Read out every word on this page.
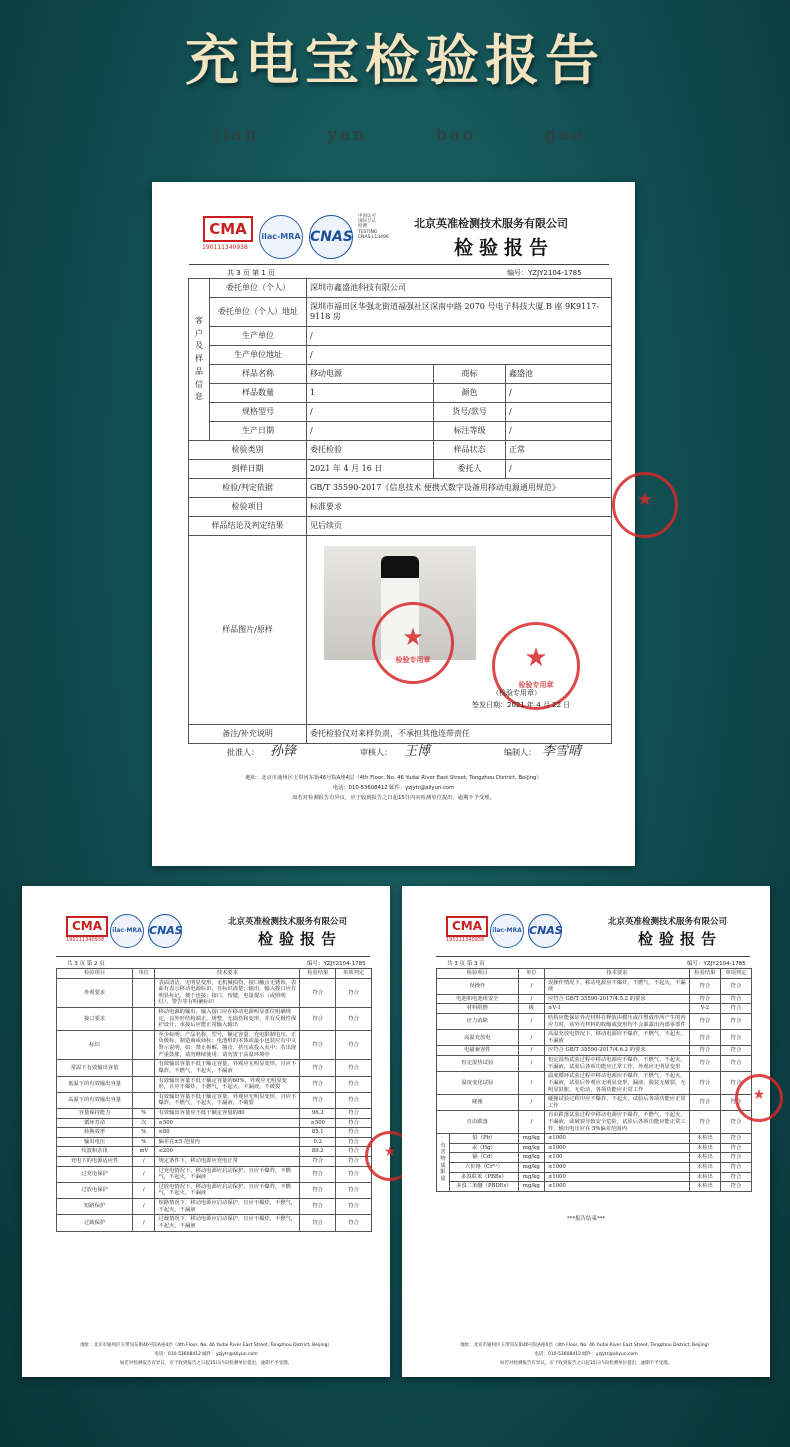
充电宝检验报告
jian	yan	bao	gao
CMA
190111340938
ilac-MRA CNAS
中国认可
国际互认
检测
TESTING
CNAS L13496
北京英准检测技术服务有限公司
检验报告
共 3 页 第 1 页	编号：YZJY2104-1785
客户及样品信息	委托单位（个人）	深圳市鑫盛池科技有限公司		
	委托单位（个人）地址	深圳市福田区华强北街道福强社区深南中路 2070 号电子科技大厦 B 座 9K9117-9118 房		
	生产单位	/		
	生产单位地址	/		
	样品名称	移动电源	商标	鑫盛池
	样品数量	1	颜色	/
	规格型号	/	货号/款号	/
	生产日期	/	标注等级	/
检验类别		委托检验	样品状态	正常
到样日期		2021 年 4 月 16 日	委托人	/
检验/判定依据		GB/T 35590-2017《信息技术 便携式数字设备用移动电源通用规范》		
检验项目		标准要求		
样品结论及判定结果		见后续页		
样品图片/原样				
备注/补充说明		委托检验仅对来样负责，不承担其他连带责任		
★
检验专用章	★
检验专用章
★
（检验专用章）
签发日期：2021 年 4 月 22 日
批准人： 孙锋	审核人： 王博	编制人： 李雪晴
地址：北京市通州区玉带河东街46号院A座4层（4th Floor, No. 46 Yudai River East Street, Tongzhou District, Beijing）
电话：010-53608412 邮件：yzjytr@aliyun.com
如若对检测报告有异议，应于收到报告之日起15日内向检测单位提出，逾期不予受理。
CMA
190111340938
ilac-MRA CNAS
北京英准检测技术服务有限公司
检验报告
共 3 页 第 2 页	编号：YZJY2104-1785
检验项目	单位	技术要求	检验结果	单项判定
外观要求		表面清洁，无明显变形，无机械损伤，接口触点无锈蚀，表面有表示移动电源标识，且标识清楚；输出，输入接口应有明显标记，便于连接；接口，按键，电量提示（或照明灯），警告等有明确标识	符合	符合
接口要求		移动电源的输出，输入接口应在移动电源明显部位明确规定，良外形结构端正，规整，无损伤和变形，并有反极性保护设计，承接后应能正常输入输出	符合	符合
标识		至少标明：产品名称，型号，额定容量，充电限制电压，正负极标，制造商或商标；电池组的本体或最小包装应有中文警示说明，如：禁止拆解，撞击，挤压或投入火中；若出现严重鼓胀，请勿继续使用；请勿置于高温环境中	符合	符合
常温下有效输出容量		有效输出容量不低于额定容量，外观应无明显变形，且应不爆炸，不燃气，不起火，不漏液	符合	符合
低温下的有效输出容量		有效输出容量不低于额定容量的60%，外观应无明显变形，且应不爆炸，不燃气，不起火，不漏液，不破裂	符合	符合
高温下的有效输出容量		有效输出容量不低于额定容量，外观应无明显变形，且应不爆炸，不燃气，不起火，不漏液，不破裂	符合	符合
容量保持能力	%	有效输出容量应不低于额定容量的80	96.3	符合
循环寿命	次	≥500	≥500	符合
转换效率	%	≥80	85.1	符合
输出电压	%	偏差在±5 范围内	0.2	符合
纹波和杂讯	mV	≤200	89.2	符合
充电下的电源适应性	/	规定条件下，移动电源应充电正常	符合	符合
过充电保护	/	过充电情况下，移动电源应启动保护，且应不爆炸，不燃气，不起火，不漏液	符合	符合
过放电保护	/	过放电情况下，移动电源应启动保护，且应不爆炸，不燃气，不起火，不漏液	符合	符合
短路保护	/	短路情况下，移动电源应启动保护，且应不爆炸，不燃气，不起火，不漏液	符合	符合
过载保护	/	过载情况下，移动电源应启动保护，且应不爆炸，不燃气，不起火，不漏液	符合	符合
★
地址：北京市通州区玉带河东街46号院A座4层（4th Floor, No. 46 Yudai River East Street, Tongzhou District, Beijing）
电话：010-53608412 邮件：yzjytr@aliyun.com
如若对检测报告有异议，应于收到报告之日起15日内向检测单位提出，逾期不予受理。
CMA
190111340938
ilac-MRA CNAS
北京英准检测技术服务有限公司
检验报告
共 3 页 第 3 页	编号：YZJY2104-1785
检验项目		单位	技术要求	检验结果	单项判定
误操作		/	误操作情况下，移动电源应不爆炸，不燃气，不起火，不漏液	符合	符合
电池和电池组安全		/	应符合 GB/T 35590-2017/4.5.2 的要求	符合	符合
材料阻燃		级	≥V-1	V-2	符合
应力消除		/	结构应能保证外壳材料在释放由模压或注塑成形所产生的内应力时，该外壳材料的收缩或变形均不会暴露出内部零部件	符合	符合
高温充放电		/	高温充放电情况下，移动电源应不爆炸，不燃气，不起火，不漏液	符合	符合
电磁兼容性		/	应符合 GB/T 35590-2017/4.6.2 的要求	符合	符合
恒定湿热试验		/	恒定湿热试验过程中移动电源应不爆炸，不燃气，不起火，不漏液，试验后各项功能应正常工作，外观应无明显变形	符合	符合
温度变化试验		/	温度循环试验过程中移动电源应不爆炸，不燃气，不起火，不漏液，试验后外观应无明显变形，漏液，脱装无破裂，无明显鼓胀，无松动，各项功能应正常工作	符合	符合
碰撞		/	碰撞试验过程中应不爆炸，不起火，试验后各项功能应正常工作	符合	符合
自由跌落		/	自由跌落试验过程中移动电源应不爆炸，不燃气，不起火，不漏液，或破裂导致安全危险，试验后各项功能应能正常工作，输出电压应在 5%偏差范围内	符合	符合
有害物质限量	铅（Pb）	mg/kg	≤1000	未检出	符合
	汞（Hg）	mg/kg	≤1000	未检出	符合
	镉（Cd）	mg/kg	≤100	未检出	符合
	六价铬（Cr⁶⁺）	mg/kg	≤1000	未检出	符合
	多溴联苯（PBBs）	mg/kg	≤1000	未检出	符合
	多溴二苯醚（PBDEs）	mg/kg	≤1000	未检出	符合
***报告结束***
★
地址：北京市通州区玉带河东街46号院A座4层（4th Floor, No. 46 Yudai River East Street, Tongzhou District, Beijing）
电话：010-53608412 邮件：yzjytr@aliyun.com
如若对检测报告有异议，应于收到报告之日起15日内向检测单位提出，逾期不予受理。
